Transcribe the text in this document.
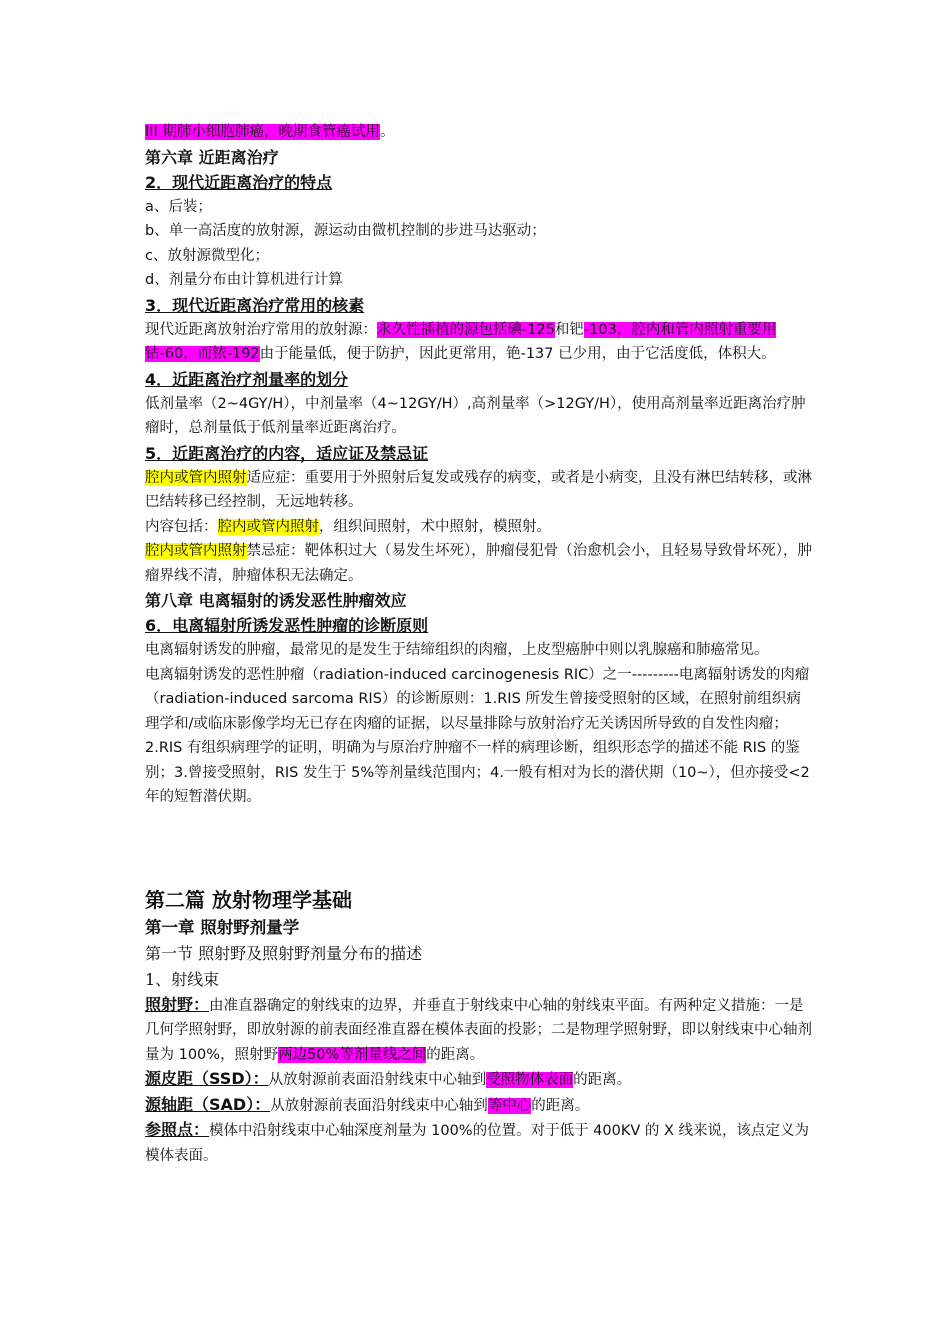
III 期肺小细胞肺癌，晚期食管癌试用。

第六章 近距离治疗

2．现代近距离治疗的特点

a、后装；

b、单一高活度的放射源，源运动由微机控制的步进马达驱动；

c、放射源微型化；

d、剂量分布由计算机进行计算

3．现代近距离治疗常用的核素

现代近距离放射治疗常用的放射源：永久性插植的源包括碘-125和钯-103，腔内和管内照射重要用钴-60，而铱-192由于能量低，便于防护，因此更常用，铯-137 已少用，由于它活度低，体积大。

4．近距离治疗剂量率的划分

低剂量率（2~4GY/H），中剂量率（4~12GY/H）,高剂量率（>12GY/H），使用高剂量率近距离治疗肿瘤时，总剂量低于低剂量率近距离治疗。

5．近距离治疗的内容，适应证及禁忌证

腔内或管内照射适应症：重要用于外照射后复发或残存的病变，或者是小病变，且没有淋巴结转移，或淋巴结转移已经控制，无远地转移。

内容包括：腔内或管内照射，组织间照射，术中照射，模照射。

腔内或管内照射禁忌症：靶体积过大（易发生坏死），肿瘤侵犯骨（治愈机会小，且轻易导致骨坏死），肿瘤界线不清，肿瘤体积无法确定。

第八章 电离辐射的诱发恶性肿瘤效应

6．电离辐射所诱发恶性肿瘤的诊断原则

电离辐射诱发的肿瘤，最常见的是发生于结缔组织的肉瘤，上皮型癌肿中则以乳腺癌和肺癌常见。

电离辐射诱发的恶性肿瘤（radiation-induced carcinogenesis RIC）之一---------电离辐射诱发的肉瘤（radiation-induced sarcoma RIS）的诊断原则：1.RIS 所发生曾接受照射的区域，在照射前组织病理学和/或临床影像学均无已存在肉瘤的证据，以尽量排除与放射治疗无关诱因所导致的自发性肉瘤；2.RIS 有组织病理学的证明，明确为与原治疗肿瘤不一样的病理诊断，组织形态学的描述不能 RIS 的鉴别；3.曾接受照射，RIS 发生于 5%等剂量线范围内；4.一般有相对为长的潜伏期（10~），但亦接受<2 年的短暂潜伏期。

第二篇 放射物理学基础

第一章 照射野剂量学

第一节 照射野及照射野剂量分布的描述

1、射线束

照射野：由准直器确定的射线束的边界，并垂直于射线束中心轴的射线束平面。有两种定义措施：一是几何学照射野，即放射源的前表面经准直器在模体表面的投影；二是物理学照射野，即以射线束中心轴剂量为 100%，照射野两边50%等剂量线之间的距离。

源皮距（SSD）：从放射源前表面沿射线束中心轴到受照物体表面的距离。

源轴距（SAD）：从放射源前表面沿射线束中心轴到等中心的距离。

参照点：模体中沿射线束中心轴深度剂量为 100%的位置。对于低于 400KV 的 X 线来说，该点定义为模体表面。
